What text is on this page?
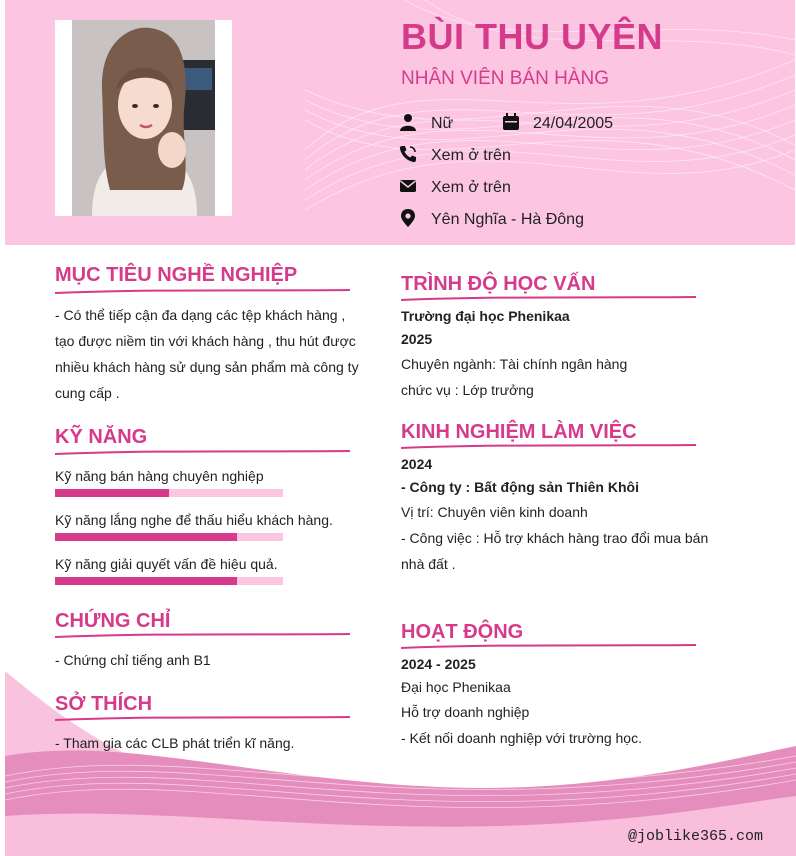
BÙI THU UYÊN
NHÂN VIÊN BÁN HÀNG
Nữ	24/04/2005
Xem ở trên
Xem ở trên
Yên Nghĩa - Hà Đông
MỤC TIÊU NGHỀ NGHIỆP
- Có thể tiếp cận đa dạng các tệp khách hàng ,
tạo được niềm tin với khách hàng , thu hút được
nhiều khách hàng sử dụng sản phẩm mà công ty
cung cấp .
KỸ NĂNG
Kỹ năng bán hàng chuyên nghiệp
Kỹ năng lắng nghe để thấu hiểu khách hàng.
Kỹ năng giải quyết vấn đề hiệu quả.
CHỨNG CHỈ
- Chứng chỉ tiếng anh B1
SỞ THÍCH
- Tham gia các CLB phát triển kĩ năng.
TRÌNH ĐỘ HỌC VẤN
Trường đại học Phenikaa
2025
Chuyên ngành: Tài chính ngân hàng
chức vụ : Lớp trưởng
KINH NGHIỆM LÀM VIỆC
2024
- Công ty : Bất động sản Thiên Khôi
Vị trí: Chuyên viên kinh doanh
- Công việc : Hỗ trợ khách hàng trao đổi mua bán
nhà đất .
HOẠT ĐỘNG
2024 - 2025
Đại học Phenikaa
Hỗ trợ doanh nghiệp
- Kết nối doanh nghiệp với trường học.
@joblike365.com
